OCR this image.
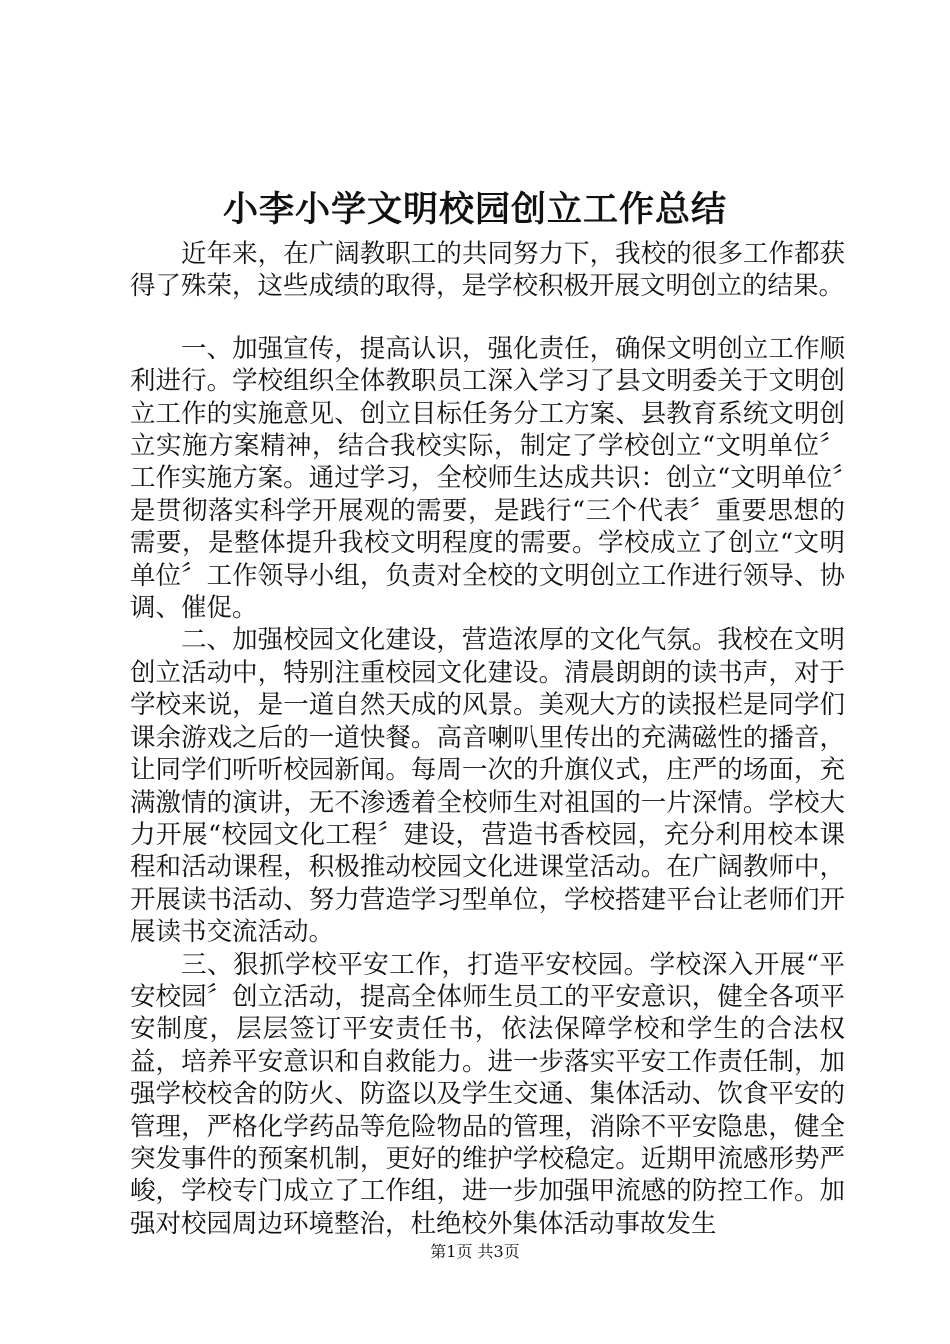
小李小学文明校园创立工作总结

近年来，在广阔教职工的共同努力下，我校的很多工作都获得了殊荣，这些成绩的取得，是学校积极开展文明创立的结果。

一、加强宣传，提高认识，强化责任，确保文明创立工作顺利进行。学校组织全体教职员工深入学习了县文明委关于文明创立工作的实施意见、创立目标任务分工方案、县教育系统文明创立实施方案精神，结合我校实际，制定了学校创立“文明单位〞工作实施方案。通过学习，全校师生达成共识：创立“文明单位〞是贯彻落实科学开展观的需要，是践行“三个代表〞重要思想的需要，是整体提升我校文明程度的需要。学校成立了创立“文明单位〞工作领导小组，负责对全校的文明创立工作进行领导、协调、催促。

二、加强校园文化建设，营造浓厚的文化气氛。我校在文明创立活动中，特别注重校园文化建设。清晨朗朗的读书声，对于学校来说，是一道自然天成的风景。美观大方的读报栏是同学们课余游戏之后的一道快餐。高音喇叭里传出的充满磁性的播音，让同学们听听校园新闻。每周一次的升旗仪式，庄严的场面，充满激情的演讲，无不渗透着全校师生对祖国的一片深情。学校大力开展“校园文化工程〞建设，营造书香校园，充分利用校本课程和活动课程，积极推动校园文化进课堂活动。在广阔教师中，开展读书活动、努力营造学习型单位，学校搭建平台让老师们开展读书交流活动。

三、狠抓学校平安工作，打造平安校园。学校深入开展“平安校园〞创立活动，提高全体师生员工的平安意识，健全各项平安制度，层层签订平安责任书，依法保障学校和学生的合法权益，培养平安意识和自救能力。进一步落实平安工作责任制，加强学校校舍的防火、防盗以及学生交通、集体活动、饮食平安的管理，严格化学药品等危险物品的管理，消除不平安隐患，健全突发事件的预案机制，更好的维护学校稳定。近期甲流感形势严峻，学校专门成立了工作组，进一步加强甲流感的防控工作。加强对校园周边环境整治，杜绝校外集体活动事故发生

第1页 共3页
